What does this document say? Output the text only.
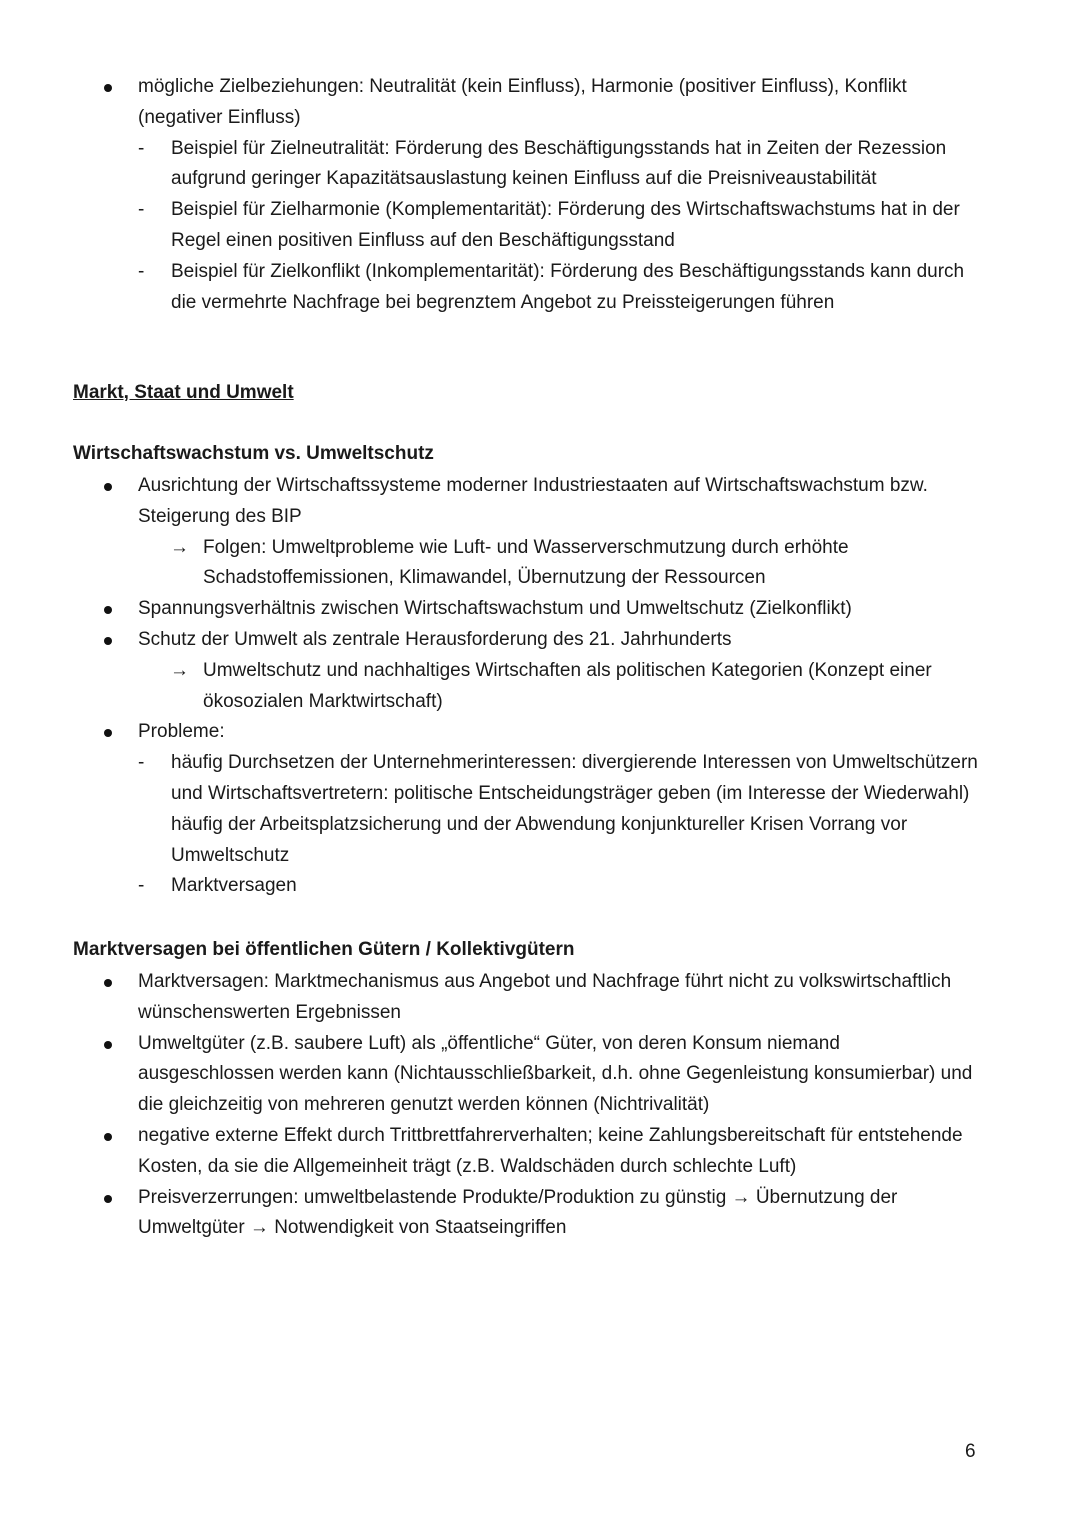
mögliche Zielbeziehungen: Neutralität (kein Einfluss), Harmonie (positiver Einfluss), Konflikt (negativer Einfluss)
- Beispiel für Zielneutralität: Förderung des Beschäftigungsstands hat in Zeiten der Rezession aufgrund geringer Kapazitätsauslastung keinen Einfluss auf die Preisniveaustabilität
- Beispiel für Zielharmonie (Komplementarität): Förderung des Wirtschaftswachstums hat in der Regel einen positiven Einfluss auf den Beschäftigungsstand
- Beispiel für Zielkonflikt (Inkomplementarität): Förderung des Beschäftigungsstands kann durch die vermehrte Nachfrage bei begrenztem Angebot zu Preissteigerungen führen
Markt, Staat und Umwelt
Wirtschaftswachstum vs. Umweltschutz
Ausrichtung der Wirtschaftssysteme moderner Industriestaaten auf Wirtschaftswachstum bzw. Steigerung des BIP
→ Folgen: Umweltprobleme wie Luft- und Wasserverschmutzung durch erhöhte Schadstoffemissionen, Klimawandel, Übernutzung der Ressourcen
Spannungsverhältnis zwischen Wirtschaftswachstum und Umweltschutz (Zielkonflikt)
Schutz der Umwelt als zentrale Herausforderung des 21. Jahrhunderts
→ Umweltschutz und nachhaltiges Wirtschaften als politischen Kategorien (Konzept einer ökosozialen Marktwirtschaft)
Probleme:
- häufig Durchsetzen der Unternehmerinteressen: divergierende Interessen von Umweltschützern und Wirtschaftsvertretern: politische Entscheidungsträger geben (im Interesse der Wiederwahl) häufig der Arbeitsplatzsicherung und der Abwendung konjunktureller Krisen Vorrang vor Umweltschutz
- Marktversagen
Marktversagen bei öffentlichen Gütern / Kollektivgütern
Marktversagen: Marktmechanismus aus Angebot und Nachfrage führt nicht zu volkswirtschaftlich wünschenswerten Ergebnissen
Umweltgüter (z.B. saubere Luft) als „öffentliche“ Güter, von deren Konsum niemand ausgeschlossen werden kann (Nichtausschließbarkeit, d.h. ohne Gegenleistung konsumierbar) und die gleichzeitig von mehreren genutzt werden können (Nichtrivalität)
negative externe Effekt durch Trittbrettfahrerverhalten; keine Zahlungsbereitschaft für entstehende Kosten, da sie die Allgemeinheit trägt (z.B. Waldschäden durch schlechte Luft)
Preisverzerrungen: umweltbelastende Produkte/Produktion zu günstig → Übernutzung der Umweltgüter → Notwendigkeit von Staatseingriffen
6
